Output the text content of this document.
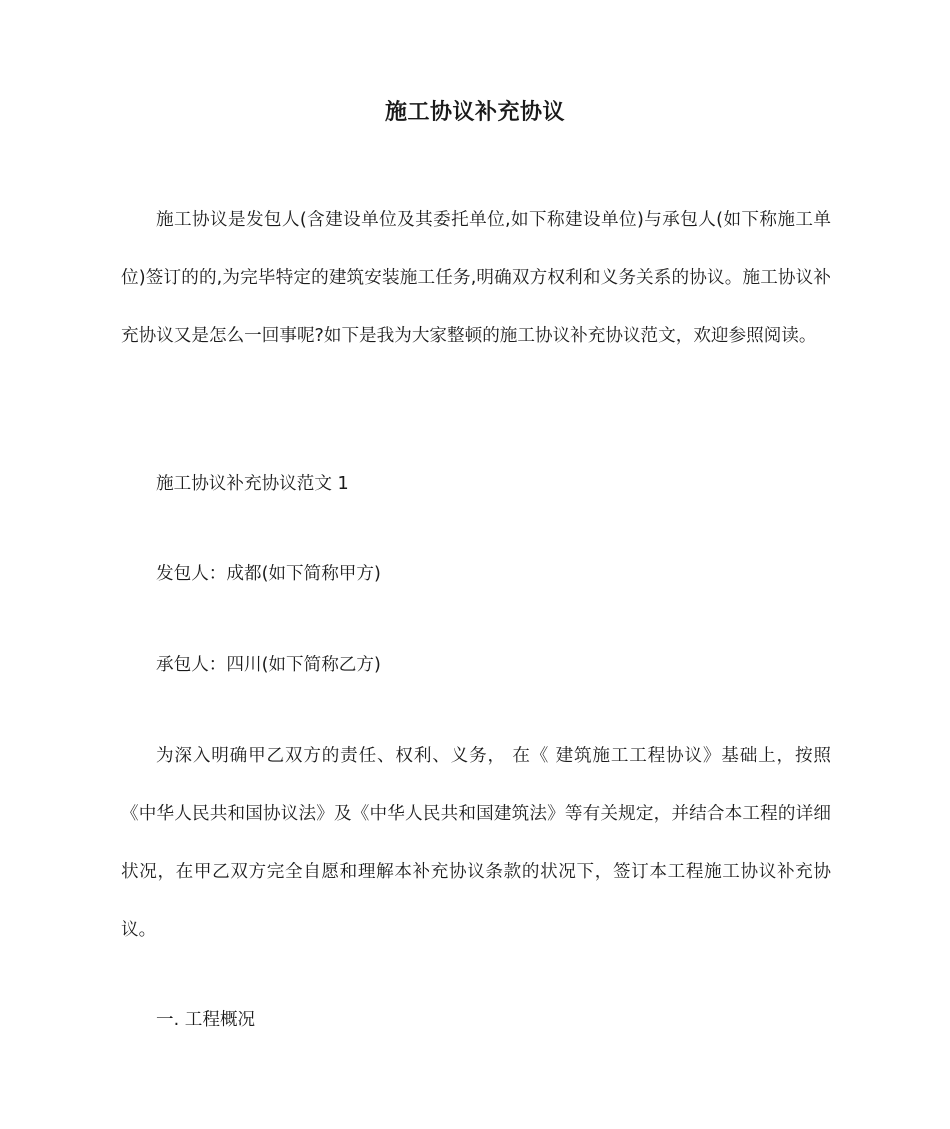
施工协议补充协议

施工协议是发包人(含建设单位及其委托单位,如下称建设单位)与承包人(如下称施工单位)签订的的,为完毕特定的建筑安装施工任务,明确双方权利和义务关系的协议。施工协议补充协议又是怎么一回事呢?如下是我为大家整顿的施工协议补充协议范文，欢迎参照阅读。

施工协议补充协议范文 1

发包人：成都(如下简称甲方)

承包人：四川(如下简称乙方)

为深入明确甲乙双方的责任、权利、义务， 在《 建筑施工工程协议》基础上，按照《中华人民共和国协议法》及《中华人民共和国建筑法》等有关规定，并结合本工程的详细状况，在甲乙双方完全自愿和理解本补充协议条款的状况下，签订本工程施工协议补充协议。

一. 工程概况
